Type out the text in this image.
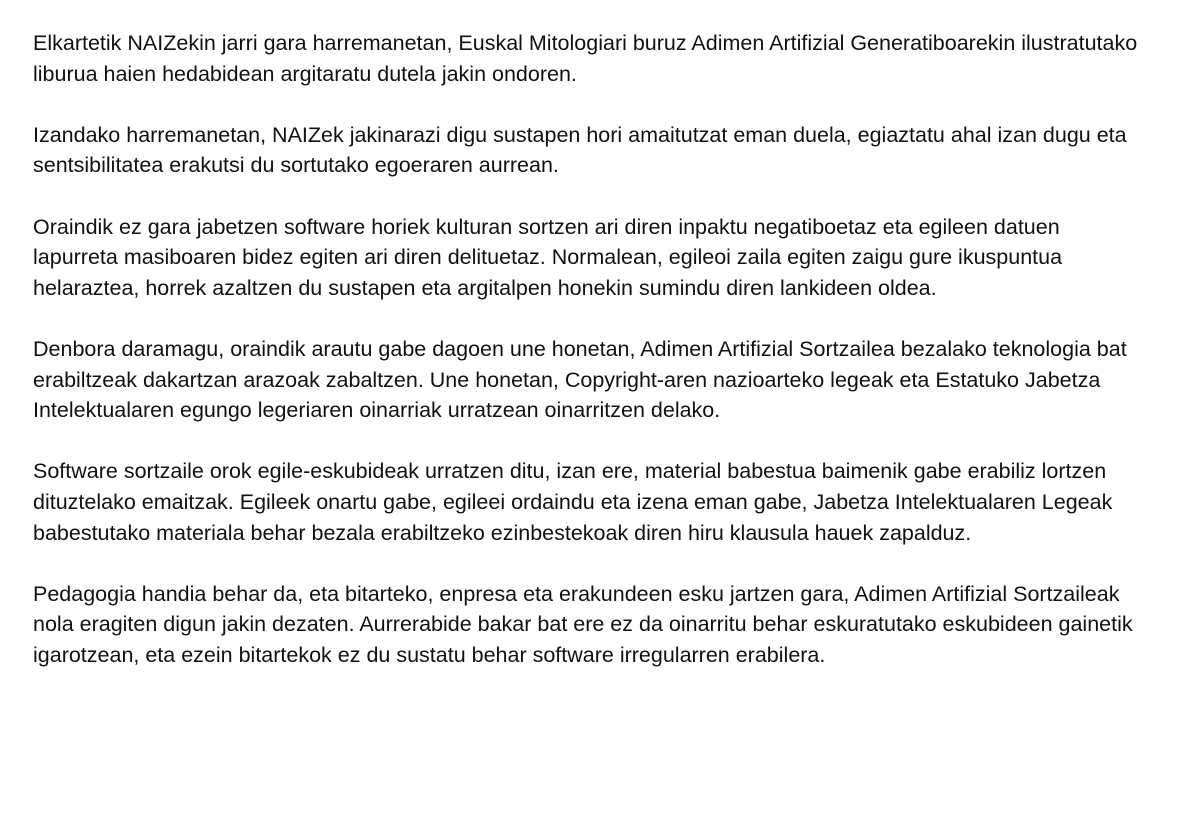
Elkartetik NAIZekin jarri gara harremanetan, Euskal Mitologiari buruz Adimen Artifizial Generatiboarekin ilustratutako liburua haien hedabidean argitaratu dutela jakin ondoren.

Izandako harremanetan, NAIZek jakinarazi digu sustapen hori amaitutzat eman duela, egiaztatu ahal izan dugu eta sentsibilitatea erakutsi du sortutako egoeraren aurrean.

Oraindik ez gara jabetzen software horiek kulturan sortzen ari diren inpaktu negatiboetaz eta egileen datuen lapurreta masiboaren bidez egiten ari diren delituetaz. Normalean, egileoi zaila egiten zaigu gure ikuspuntua helaraztea, horrek azaltzen du sustapen eta argitalpen honekin sumindu diren lankideen oldea.

Denbora daramagu, oraindik arautu gabe dagoen une honetan, Adimen Artifizial Sortzailea bezalako teknologia bat erabiltzeak dakartzan arazoak zabaltzen. Une honetan, Copyright-aren nazioarteko legeak eta Estatuko Jabetza Intelektualaren egungo legeriaren oinarriak urratzean oinarritzen delako.

Software sortzaile orok egile-eskubideak urratzen ditu, izan ere, material babestua baimenik gabe erabiliz lortzen dituztelako emaitzak. Egileek onartu gabe, egileei ordaindu eta izena eman gabe, Jabetza Intelektualaren Legeak babestutako materiala behar bezala erabiltzeko ezinbestekoak diren hiru klausula hauek zapalduz.

Pedagogia handia behar da, eta bitarteko, enpresa eta erakundeen esku jartzen gara, Adimen Artifizial Sortzaileak nola eragiten digun jakin dezaten. Aurrerabide bakar bat ere ez da oinarritu behar eskuratutako eskubideen gainetik igarotzean, eta ezein bitartekok ez du sustatu behar software irregularren erabilera.
